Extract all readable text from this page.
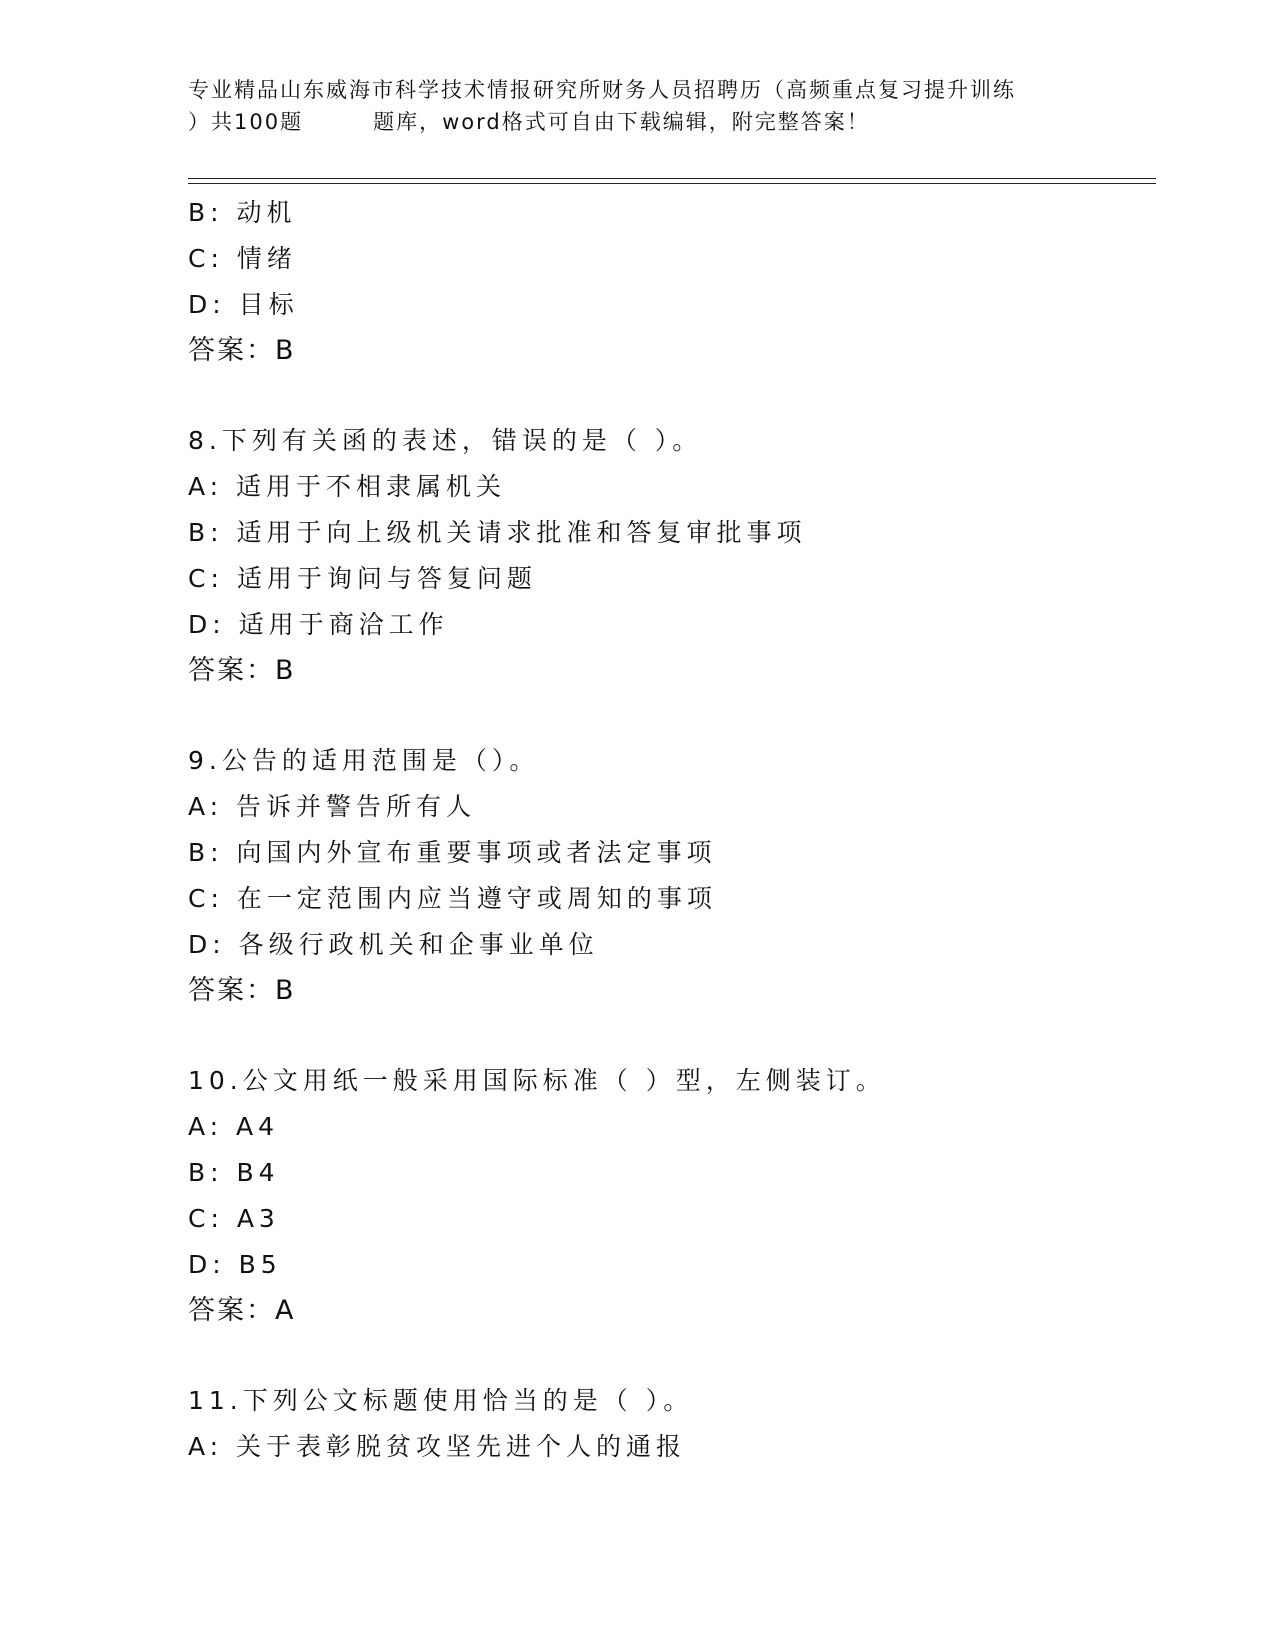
专业精品山东威海市科学技术情报研究所财务人员招聘历（高频重点复习提升训练
）共100题	题库，word格式可自由下载编辑，附完整答案！
B: 动机
C: 情绪
D: 目标
答案：B
8.下列有关函的表述，错误的是（ ）。
A: 适用于不相隶属机关
B: 适用于向上级机关请求批准和答复审批事项
C: 适用于询问与答复问题
D: 适用于商洽工作
答案：B
9.公告的适用范围是（）。
A: 告诉并警告所有人
B: 向国内外宣布重要事项或者法定事项
C: 在一定范围内应当遵守或周知的事项
D: 各级行政机关和企事业单位
答案：B
10.公文用纸一般采用国际标准（ ）型，左侧装订。
A: A4
B: B4
C: A3
D: B5
答案：A
11.下列公文标题使用恰当的是（ ）。
A: 关于表彰脱贫攻坚先进个人的通报
